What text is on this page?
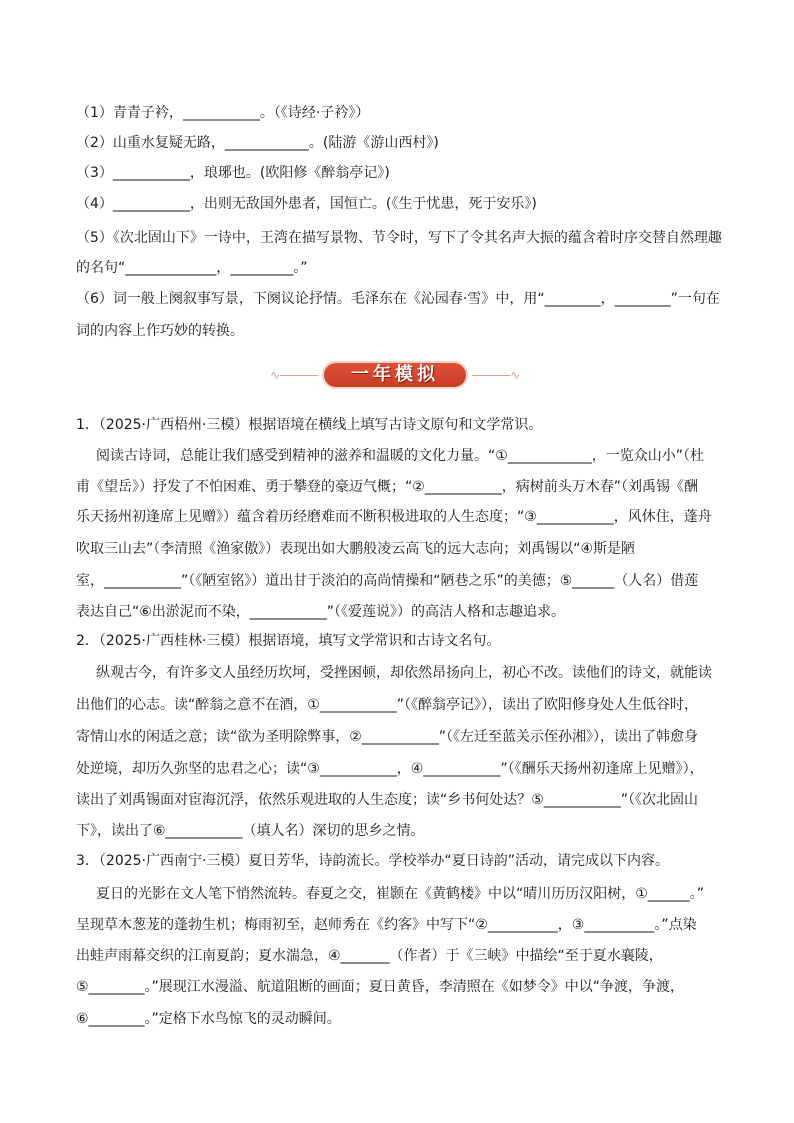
（1）青青子衿，___________。（《诗经·子衿》）
（2）山重水复疑无路，____________。(陆游《游山西村》)
（3）___________，琅琊也。(欧阳修《醉翁亭记》)
（4）___________，出则无敌国外患者，国恒亡。(《生于忧患，死于安乐》)
（5）《次北固山下》一诗中，王湾在描写景物、节令时，写下了令其名声大振的蕴含着时序交替自然理趣
的名句“_____________，_________。”
（6）词一般上阕叙事写景，下阕议论抒情。毛泽东在《沁园春·雪》中，用“________，________”一句在
词的内容上作巧妙的转换。
∿	一年模拟	∿
1．（2025·广西梧州·三模）根据语境在横线上填写古诗文原句和文学常识。
阅读古诗词，总能让我们感受到精神的滋养和温暖的文化力量。“①____________，一览众山小”（杜
甫《望岳》）抒发了不怕困难、勇于攀登的豪迈气概；“②___________，病树前头万木春”（刘禹锡《酬
乐天扬州初逢席上见赠》）蕴含着历经磨难而不断积极进取的人生态度；“③___________，风休住，蓬舟
吹取三山去”（李清照《渔家傲》）表现出如大鹏般凌云高飞的远大志向；刘禹锡以“④斯是陋
室，___________”（《陋室铭》）道出甘于淡泊的高尚情操和“陋巷之乐”的美德；⑤______（人名）借莲
表达自己“⑥出淤泥而不染，___________”（《爱莲说》）的高洁人格和志趣追求。
2．（2025·广西桂林·三模）根据语境，填写文学常识和古诗文名句。
纵观古今，有许多文人虽经历坎坷，受挫困顿，却依然昂扬向上，初心不改。读他们的诗文，就能读
出他们的心志。读“醉翁之意不在酒，①___________”（《醉翁亭记》），读出了欧阳修身处人生低谷时，
寄情山水的闲适之意；读“欲为圣明除弊事，②___________”（《左迁至蓝关示侄孙湘》），读出了韩愈身
处逆境，却历久弥坚的忠君之心；读“③___________，④___________”（《酬乐天扬州初逢席上见赠》），
读出了刘禹锡面对宦海沉浮，依然乐观进取的人生态度；读“乡书何处达？⑤___________”（《次北固山
下》，读出了⑥___________（填人名）深切的思乡之情。
3．（2025·广西南宁·三模）夏日芳华，诗韵流长。学校举办“夏日诗韵”活动，请完成以下内容。
夏日的光影在文人笔下悄然流转。春夏之交，崔颢在《黄鹤楼》中以“晴川历历汉阳树，①______。”
呈现草木葱茏的蓬勃生机；梅雨初至，赵师秀在《约客》中写下“②__________，③__________。”点染
出蛙声雨幕交织的江南夏韵；夏水湍急，④_______（作者）于《三峡》中描绘“至于夏水襄陵，
⑤________。”展现江水漫溢、航道阻断的画面；夏日黄昏，李清照在《如梦令》中以“争渡，争渡，
⑥________。”定格下水鸟惊飞的灵动瞬间。
